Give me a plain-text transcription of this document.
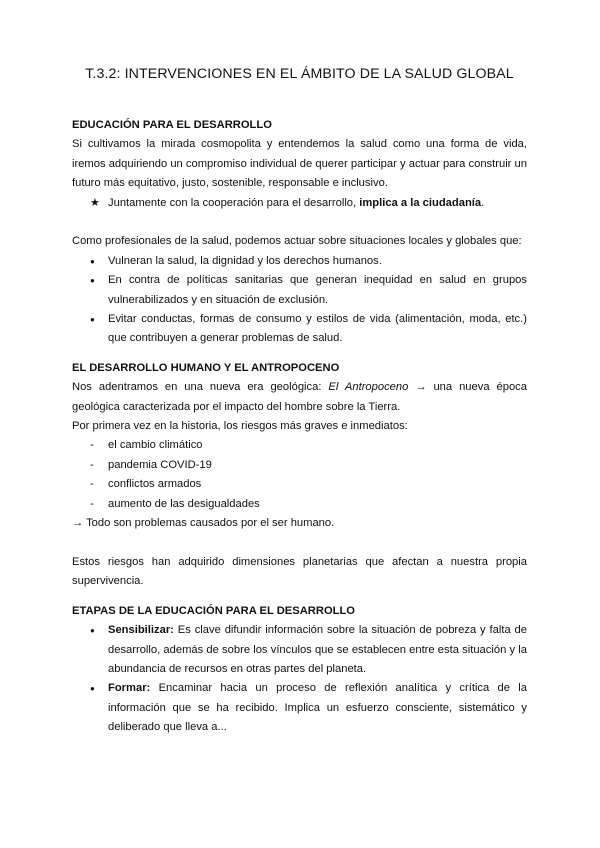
T.3.2: INTERVENCIONES EN EL ÁMBITO DE LA SALUD GLOBAL
EDUCACIÓN PARA EL DESARROLLO

Si cultivamos la mirada cosmopolita y entendemos la salud como una forma de vida, iremos adquiriendo un compromiso individual de querer participar y actuar para construir un futuro más equitativo, justo, sostenible, responsable e inclusivo.

★ Juntamente con la cooperación para el desarrollo, implica a la ciudadanía.

Como profesionales de la salud, podemos actuar sobre situaciones locales y globales que:

Vulneran la salud, la dignidad y los derechos humanos.
En contra de políticas sanitarias que generan inequidad en salud en grupos vulnerabilizados y en situación de exclusión.
Evitar conductas, formas de consumo y estilos de vida (alimentación, moda, etc.) que contribuyen a generar problemas de salud.
EL DESARROLLO HUMANO Y EL ANTROPOCENO

Nos adentramos en una nueva era geológica: El Antropoceno → una nueva época geológica caracterizada por el impacto del hombre sobre la Tierra.

Por primera vez en la historia, los riesgos más graves e inmediatos:

-	el cambio climático
-	pandemia COVID-19
-	conflictos armados
-	aumento de las desigualdades

→ Todo son problemas causados por el ser humano.

Estos riesgos han adquirido dimensiones planetarias que afectan a nuestra propia supervivencia.

ETAPAS DE LA EDUCACIÓN PARA EL DESARROLLO
Sensibilizar: Es clave difundir información sobre la situación de pobreza y falta de desarrollo, además de sobre los vínculos que se establecen entre esta situación y la abundancia de recursos en otras partes del planeta.
Formar: Encaminar hacia un proceso de reflexión analítica y crítica de la información que se ha recibido. Implica un esfuerzo consciente, sistemático y deliberado que lleva a...
